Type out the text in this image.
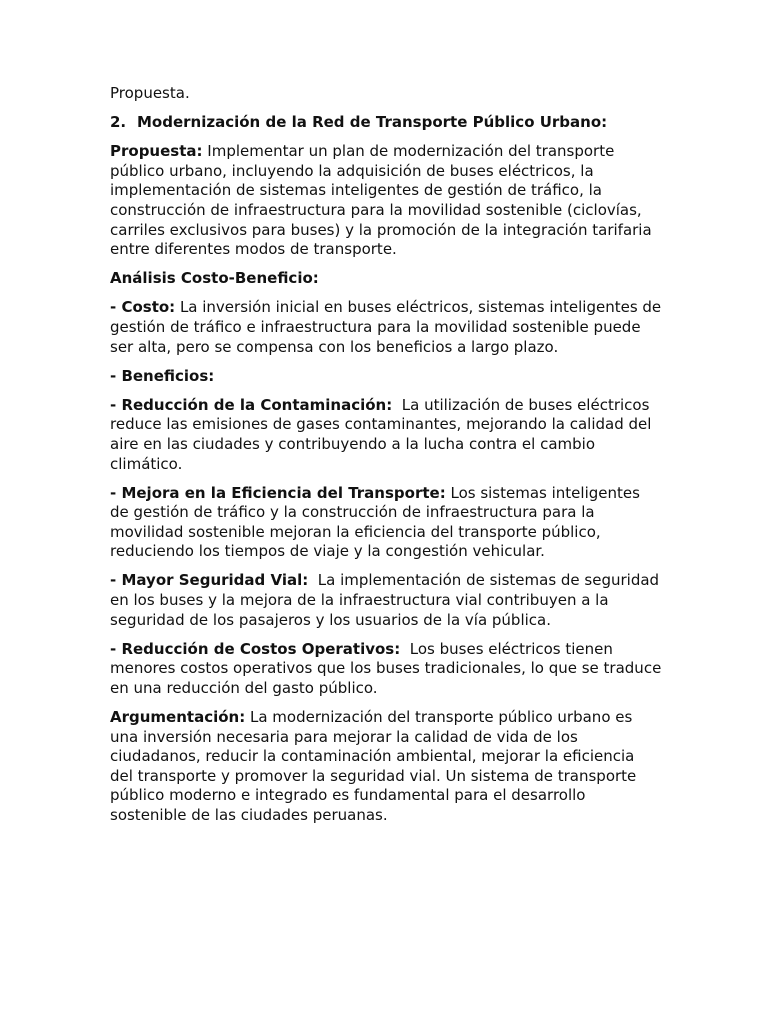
Propuesta.

2. Modernización de la Red de Transporte Público Urbano:

Propuesta: Implementar un plan de modernización del transporte público urbano, incluyendo la adquisición de buses eléctricos, la implementación de sistemas inteligentes de gestión de tráfico, la construcción de infraestructura para la movilidad sostenible (ciclovías, carriles exclusivos para buses) y la promoción de la integración tarifaria entre diferentes modos de transporte.

Análisis Costo-Beneficio:

- Costo: La inversión inicial en buses eléctricos, sistemas inteligentes de gestión de tráfico e infraestructura para la movilidad sostenible puede ser alta, pero se compensa con los beneficios a largo plazo.

- Beneficios:

- Reducción de la Contaminación:  La utilización de buses eléctricos reduce las emisiones de gases contaminantes, mejorando la calidad del aire en las ciudades y contribuyendo a la lucha contra el cambio climático.

- Mejora en la Eficiencia del Transporte: Los sistemas inteligentes de gestión de tráfico y la construcción de infraestructura para la movilidad sostenible mejoran la eficiencia del transporte público, reduciendo los tiempos de viaje y la congestión vehicular.

- Mayor Seguridad Vial:  La implementación de sistemas de seguridad en los buses y la mejora de la infraestructura vial contribuyen a la seguridad de los pasajeros y los usuarios de la vía pública.

- Reducción de Costos Operativos:  Los buses eléctricos tienen menores costos operativos que los buses tradicionales, lo que se traduce en una reducción del gasto público.

Argumentación: La modernización del transporte público urbano es una inversión necesaria para mejorar la calidad de vida de los ciudadanos, reducir la contaminación ambiental, mejorar la eficiencia del transporte y promover la seguridad vial. Un sistema de transporte público moderno e integrado es fundamental para el desarrollo sostenible de las ciudades peruanas.
